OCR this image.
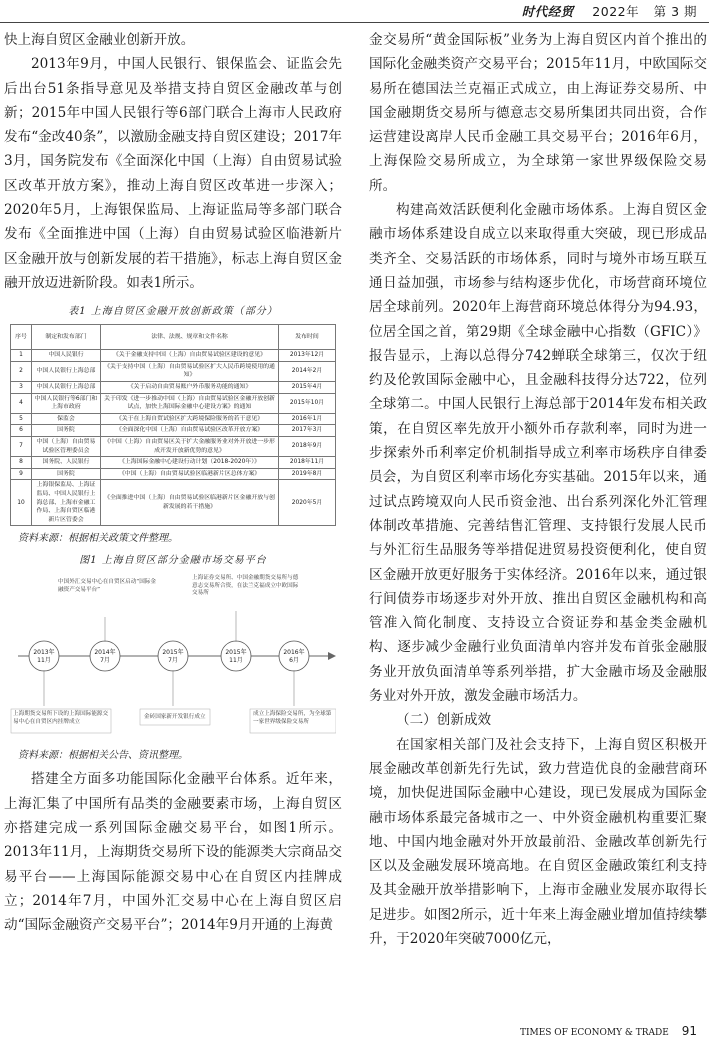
时代经贸 2022年 第 3 期

快上海自贸区金融业创新开放。

2013年9月，中国人民银行、银保监会、证监会先后出台51条指导意见及举措支持自贸区金融改革与创新；2015年中国人民银行等6部门联合上海市人民政府发布“金改40条”，以激励金融支持自贸区建设；2017年3月，国务院发布《全面深化中国（上海）自由贸易试验区改革开放方案》，推动上海自贸区改革进一步深入；2020年5月，上海银保监局、上海证监局等多部门联合发布《全面推进中国（上海）自由贸易试验区临港新片区金融开放与创新发展的若干措施》，标志上海自贸区金融开放迈进新阶段。如表1所示。

表1 上海自贸区金融开放创新政策（部分）
序号	制定和发布部门	法律、法规、规章和文件名称	发布时间
1	中国人民银行	《关于金融支持中国（上海）自由贸易试验区建设的意见》	2013年12月
2	中国人民银行上海总部	《关于支持中国（上海）自由贸易试验区扩大人民币跨境使用的通知》	2014年2月
3	中国人民银行上海总部	《关于启动自由贸易账户外币服务功能的通知》	2015年4月
4	中国人民银行等6部门和上海市政府	关于印发《进一步推动中国（上海）自由贸易试验区金融开放创新试点，加快上海国际金融中心建设方案》的通知	2015年10月
5	保监会	《关于在上海自贸试验区扩大跨境保险服务的若干意见》	2016年1月
6	国务院	《全面深化中国（上海）自由贸易试验区改革开放方案》	2017年3月
7	中国（上海）自由贸易试验区管理委员会	《中国（上海）自由贸易区关于扩大金融服务业对外开放进一步形成开发开放新优势的意见》	2018年9月
8	国务院、人民银行	《上海国际金融中心建设行动计划（2018-2020年）》	2018年11月
9	国务院	《中国（上海）自由贸易试验区临港新片区总体方案》	2019年8月
10	上海银保监局、上海证监局、中国人民银行上海总部、上海市金融工作局、上海自贸区临港新片区管委会	《全面推进中国（上海）自由贸易试验区临港新片区金融开放与创新发展的若干措施》	2020年5月
资料来源：根据相关政策文件整理。
图1 上海自贸区部分金融市场交易平台
中国外汇交易中心在自贸区启动“国际金融资产交易平台”
上海证券交易所、中国金融期货交易所与德意志交易所合资，在法兰克福成立中欧国际交易所
2013年
11月
2014年
7月
2015年
7月
2015年
11月
2016年
6月
上海期货交易所下设的上海国际能源交易中心在自贸区内挂牌成立
金砖国家新开发银行成立	成立上海保险交易所，为全球第一家世界级保险交易所
资料来源：根据相关公告、资讯整理。

搭建全方面多功能国际化金融平台体系。近年来，上海汇集了中国所有品类的金融要素市场，上海自贸区亦搭建完成一系列国际金融交易平台，如图1所示。2013年11月，上海期货交易所下设的能源类大宗商品交易平台——上海国际能源交易中心在自贸区内挂牌成立；2014年7月，中国外汇交易中心在上海自贸区启动“国际金融资产交易平台”；2014年9月开通的上海黄

金交易所“黄金国际板”业务为上海自贸区内首个推出的国际化金融类资产交易平台；2015年11月，中欧国际交易所在德国法兰克福正式成立，由上海证券交易所、中国金融期货交易所与德意志交易所集团共同出资，合作运营建设离岸人民币金融工具交易平台；2016年6月，上海保险交易所成立，为全球第一家世界级保险交易所。

构建高效活跃便利化金融市场体系。上海自贸区金融市场体系建设自成立以来取得重大突破，现已形成品类齐全、交易活跃的市场体系，同时与境外市场互联互通日益加强，市场参与结构逐步优化，市场营商环境位居全球前列。2020年上海营商环境总体得分为94.93，位居全国之首，第29期《全球金融中心指数（GFIC）》报告显示，上海以总得分742蝉联全球第三，仅次于纽约及伦敦国际金融中心，且金融科技得分达722，位列全球第二。中国人民银行上海总部于2014年发布相关政策，在自贸区率先放开小额外币存款利率，同时为进一步探索外币利率定价机制指导成立利率市场秩序自律委员会，为自贸区利率市场化夯实基础。2015年以来，通过试点跨境双向人民币资金池、出台系列深化外汇管理体制改革措施、完善结售汇管理、支持银行发展人民币与外汇衍生品服务等举措促进贸易投资便利化，使自贸区金融开放更好服务于实体经济。2016年以来，通过银行间债券市场逐步对外开放、推出自贸区金融机构和高管准入简化制度、支持设立合资证券和基金类金融机构、逐步减少金融行业负面清单内容并发布首张金融服务业开放负面清单等系列举措，扩大金融市场及金融服务业对外开放，激发金融市场活力。

（二）创新成效

在国家相关部门及社会支持下，上海自贸区积极开展金融改革创新先行先试，致力营造优良的金融营商环境，加快促进国际金融中心建设，现已发展成为国际金融市场体系最完备城市之一、中外资金融机构重要汇聚地、中国内地金融对外开放最前沿、金融改革创新先行区以及金融发展环境高地。在自贸区金融政策红利支持及其金融开放举措影响下，上海市金融业发展亦取得长足进步。如图2所示，近十年来上海金融业增加值持续攀升，于2020年突破7000亿元，

TIMES OF ECONOMY & TRADE 91
